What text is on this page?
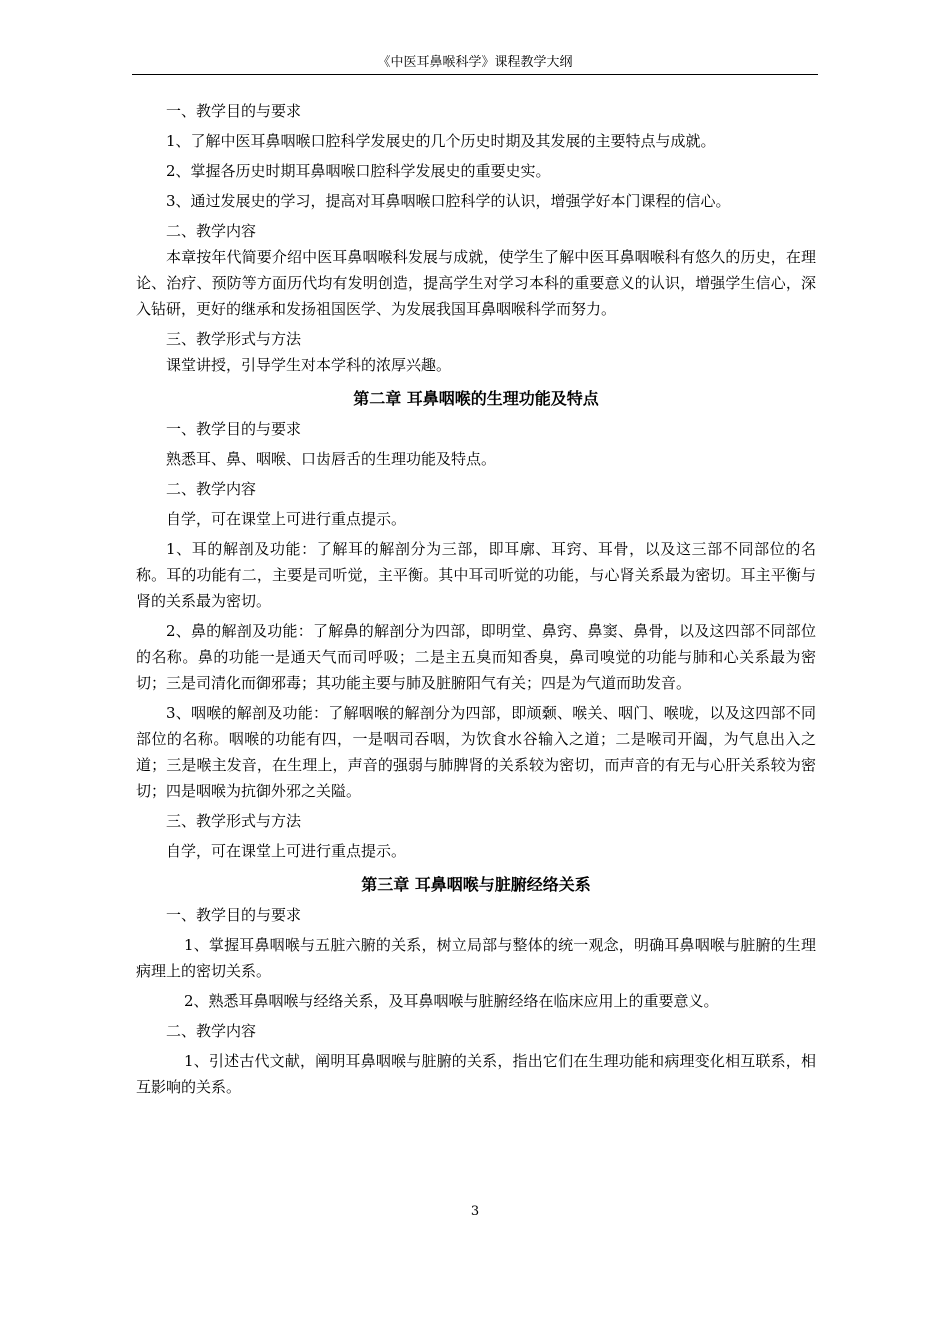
《中医耳鼻喉科学》课程教学大纲

一、教学目的与要求

1、了解中医耳鼻咽喉口腔科学发展史的几个历史时期及其发展的主要特点与成就。

2、掌握各历史时期耳鼻咽喉口腔科学发展史的重要史实。

3、通过发展史的学习，提高对耳鼻咽喉口腔科学的认识，增强学好本门课程的信心。

二、教学内容

本章按年代简要介绍中医耳鼻咽喉科发展与成就，使学生了解中医耳鼻咽喉科有悠久的历史，在理论、治疗、预防等方面历代均有发明创造，提高学生对学习本科的重要意义的认识，增强学生信心，深入钻研，更好的继承和发扬祖国医学、为发展我国耳鼻咽喉科学而努力。

三、教学形式与方法

课堂讲授，引导学生对本学科的浓厚兴趣。

第二章 耳鼻咽喉的生理功能及特点

一、教学目的与要求

熟悉耳、鼻、咽喉、口齿唇舌的生理功能及特点。

二、教学内容

自学，可在课堂上可进行重点提示。

1、耳的解剖及功能：了解耳的解剖分为三部，即耳廓、耳窍、耳骨，以及这三部不同部位的名称。耳的功能有二，主要是司听觉，主平衡。其中耳司听觉的功能，与心肾关系最为密切。耳主平衡与肾的关系最为密切。

2、鼻的解剖及功能：了解鼻的解剖分为四部，即明堂、鼻窍、鼻窦、鼻骨，以及这四部不同部位的名称。鼻的功能一是通天气而司呼吸；二是主五臭而知香臭，鼻司嗅觉的功能与肺和心关系最为密切；三是司清化而御邪毒；其功能主要与肺及脏腑阳气有关；四是为气道而助发音。

3、咽喉的解剖及功能：了解咽喉的解剖分为四部，即颃颡、喉关、咽门、喉咙，以及这四部不同部位的名称。咽喉的功能有四，一是咽司吞咽，为饮食水谷输入之道；二是喉司开阖，为气息出入之道；三是喉主发音，在生理上，声音的强弱与肺脾肾的关系较为密切，而声音的有无与心肝关系较为密切；四是咽喉为抗御外邪之关隘。

三、教学形式与方法

自学，可在课堂上可进行重点提示。

第三章 耳鼻咽喉与脏腑经络关系

一、教学目的与要求

1、掌握耳鼻咽喉与五脏六腑的关系，树立局部与整体的统一观念，明确耳鼻咽喉与脏腑的生理病理上的密切关系。

2、熟悉耳鼻咽喉与经络关系，及耳鼻咽喉与脏腑经络在临床应用上的重要意义。

二、教学内容

1、引述古代文献，阐明耳鼻咽喉与脏腑的关系，指出它们在生理功能和病理变化相互联系，相互影响的关系。

3
